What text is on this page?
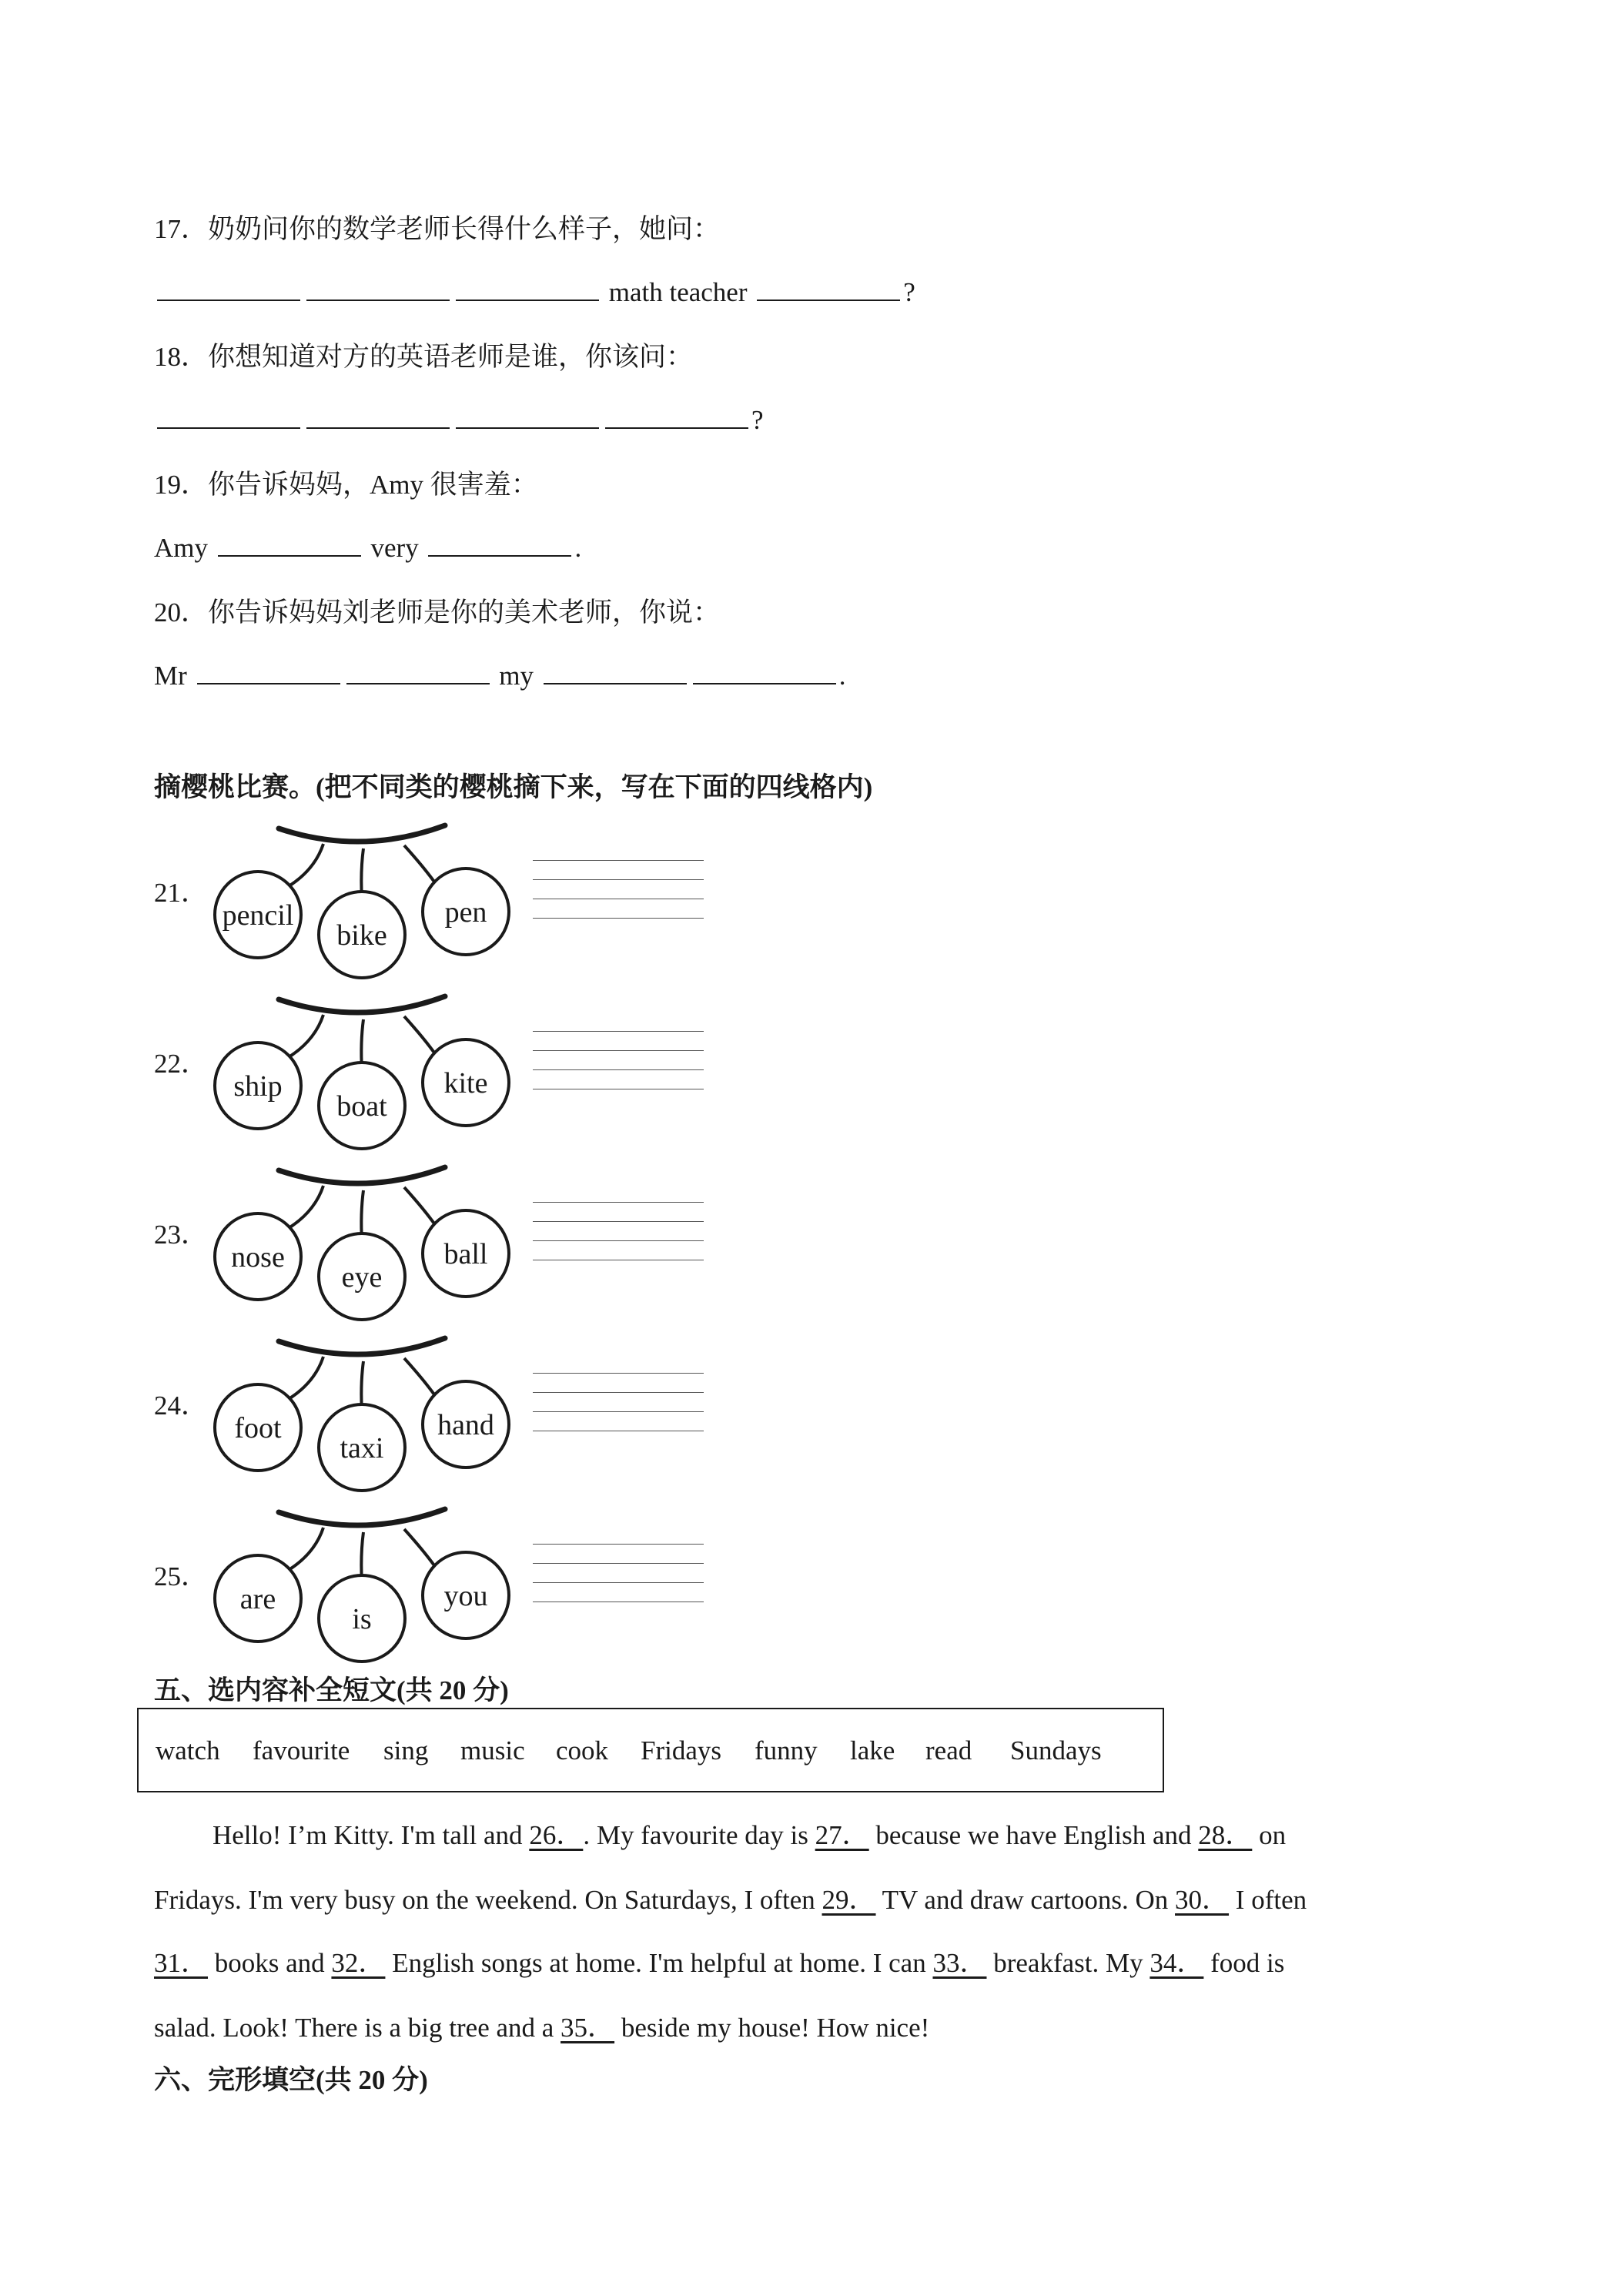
17．奶奶问你的数学老师长得什么样子，她问：
math teacher	?
18．你想知道对方的英语老师是谁，你该问：
?
19．你告诉妈妈，Amy 很害羞：
Amy	very	.
20．你告诉妈妈刘老师是你的美术老师，你说：
Mr	my	.
摘樱桃比赛。(把不同类的樱桃摘下来，写在下面的四线格内)
21．
pencil
bike
pen
22．
ship
boat
kite
23．
nose
eye
ball
24．
foot
taxi
hand
25．
are
is
you
五、选内容补全短文(共 20 分)
watch favourite sing music cook Fridays funny lake read Sundays
Hello! I’m Kitty. I'm tall and 26．. My favourite day is 27． because we have English and 28． on
Fridays. I'm very busy on the weekend. On Saturdays, I often 29． TV and draw cartoons. On 30． I often
31． books and 32． English songs at home. I'm helpful at home. I can 33． breakfast. My 34． food is
salad. Look! There is a big tree and a 35． beside my house! How nice!
六、完形填空(共 20 分)
